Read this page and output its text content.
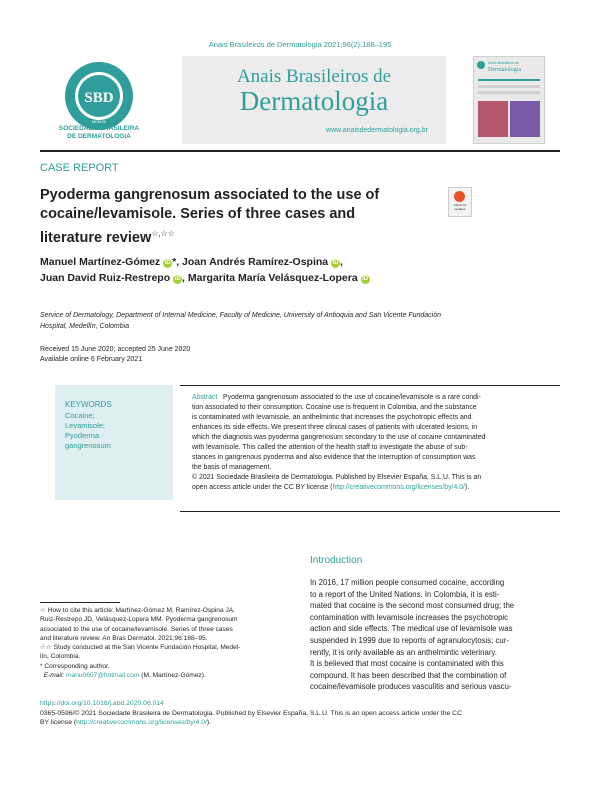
Anais Brasileiros de Dermatologia 2021;96(2):188–195
SBD
MCMXII
SOCIEDADE BRASILEIRA
DE DERMATOLOGIA
Anais Brasileiros de
Dermatologia
www.anaisdedermatologia.org.br
Anais Brasileiros de
Dermatologia
CASE REPORT
Pyoderma gangrenosum associated to the use of
cocaine/levamisole. Series of three cases and
literature review☆,☆☆
Check for updates
Manuel Martínez-Gómez iD *, Joan Andrés Ramírez-Ospina iD ,
Juan David Ruiz-Restrepo iD , Margarita María Velásquez-Lopera iD
Service of Dermatology, Department of Internal Medicine, Faculty of Medicine, University of Antioquia and San Vicente Fundación
Hospital, Medellín, Colombia
Received 15 June 2020; accepted 25 June 2020
Available online 6 February 2021
KEYWORDS
Cocaine;
Levamisole;
Pyoderma
gangrenosum
Abstract Pyoderma gangrenosum associated to the use of cocaine/levamisole is a rare condi-
tion associated to their consumption. Cocaine use is frequent in Colombia, and the substance
is contaminated with levamisole, an anthelmintic that increases the psychotropic effects and
enhances its side effects. We present three clinical cases of patients with ulcerated lesions, in
which the diagnosis was pyoderma gangrenosum secondary to the use of cocaine contaminated
with levamisole. This called the attention of the health staff to investigate the abuse of sub-
stances in gangrenous pyoderma and also evidence that the interruption of consumption was
the basis of management.
© 2021 Sociedade Brasileira de Dermatologia. Published by Elsevier España, S.L.U. This is an
open access article under the CC BY license (http://creativecommons.org/licenses/by/4.0/).
Introduction
In 2016, 17 million people consumed cocaine, according
to a report of the United Nations. In Colombia, it is esti-
mated that cocaine is the second most consumed drug; the
contamination with levamisole increases the psychotropic
action and side effects. The medical use of levamisole was
suspended in 1999 due to reports of agranulocytosis; cur-
rently, it is only available as an anthelmintic veterinary.
It is believed that most cocaine is contaminated with this
compound. It has been described that the combination of
cocaine/levamisole produces vasculitis and serious vascu-
☆ How to cite this article: Martínez-Gómez M, Ramírez-Ospina JA,
Ruiz-Restrepo JD, Velásquez-Lopera MM. Pyoderma gangrenosum
associated to the use of cocaine/levamisole. Series of three cases
and literature review. An Bras Dermatol. 2021;96:188–95.
☆☆ Study conducted at the San Vicente Fundación Hospital, Medel-
lín, Colombia.
* Corresponding author.
E-mail: manu0607@hotmail.com (M. Martínez-Gómez).
https://doi.org/10.1016/j.abd.2020.06.014
0365-0596/© 2021 Sociedade Brasileira de Dermatologia. Published by Elsevier España, S.L.U. This is an open access article under the CC
BY license (http://creativecommons.org/licenses/by/4.0/).
